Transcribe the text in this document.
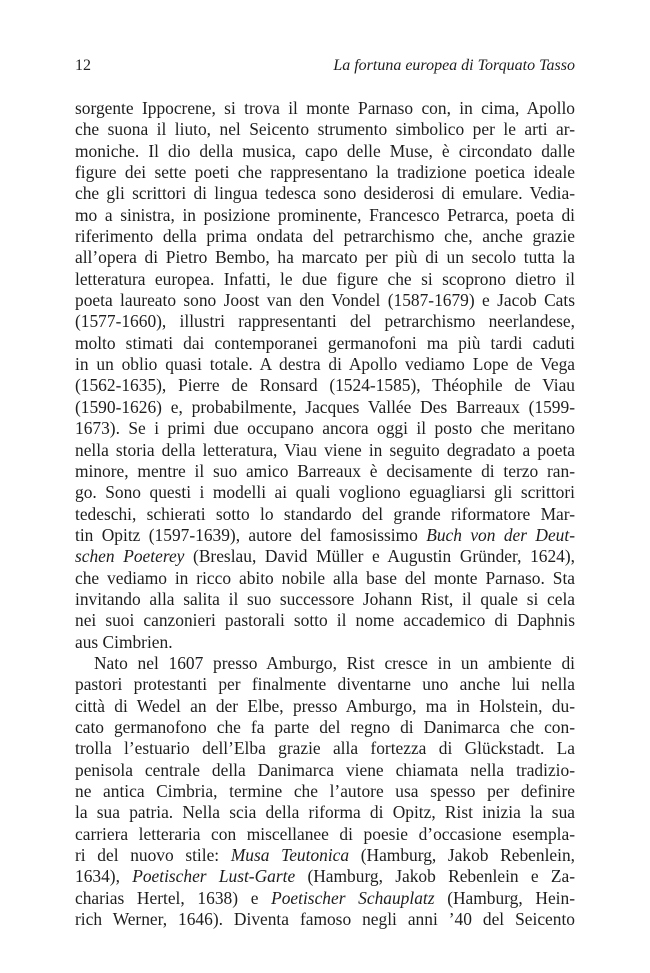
12	La fortuna europea di Torquato Tasso
sorgente Ippocrene, si trova il monte Parnaso con, in cima, Apollo
che suona il liuto, nel Seicento strumento simbolico per le arti ar-
moniche. Il dio della musica, capo delle Muse, è circondato dalle
figure dei sette poeti che rappresentano la tradizione poetica ideale
che gli scrittori di lingua tedesca sono desiderosi di emulare. Vedia-
mo a sinistra, in posizione prominente, Francesco Petrarca, poeta di
riferimento della prima ondata del petrarchismo che, anche grazie
all’opera di Pietro Bembo, ha marcato per più di un secolo tutta la
letteratura europea. Infatti, le due figure che si scoprono dietro il
poeta laureato sono Joost van den Vondel (1587-1679) e Jacob Cats
(1577-1660), illustri rappresentanti del petrarchismo neerlandese,
molto stimati dai contemporanei germanofoni ma più tardi caduti
in un oblio quasi totale. A destra di Apollo vediamo Lope de Vega
(1562-1635), Pierre de Ronsard (1524-1585), Théophile de Viau
(1590-1626) e, probabilmente, Jacques Vallée Des Barreaux (1599-
1673). Se i primi due occupano ancora oggi il posto che meritano
nella storia della letteratura, Viau viene in seguito degradato a poeta
minore, mentre il suo amico Barreaux è decisamente di terzo ran-
go. Sono questi i modelli ai quali vogliono eguagliarsi gli scrittori
tedeschi, schierati sotto lo standardo del grande riformatore Mar-
tin Opitz (1597-1639), autore del famosissimo Buch von der Deut-
schen Poeterey (Breslau, David Müller e Augustin Gründer, 1624),
che vediamo in ricco abito nobile alla base del monte Parnaso. Sta
invitando alla salita il suo successore Johann Rist, il quale si cela
nei suoi canzonieri pastorali sotto il nome accademico di Daphnis
aus Cimbrien.
Nato nel 1607 presso Amburgo, Rist cresce in un ambiente di
pastori protestanti per finalmente diventarne uno anche lui nella
città di Wedel an der Elbe, presso Amburgo, ma in Holstein, du-
cato germanofono che fa parte del regno di Danimarca che con-
trolla l’estuario dell’Elba grazie alla fortezza di Glückstadt. La
penisola centrale della Danimarca viene chiamata nella tradizio-
ne antica Cimbria, termine che l’autore usa spesso per definire
la sua patria. Nella scia della riforma di Opitz, Rist inizia la sua
carriera letteraria con miscellanee di poesie d’occasione esempla-
ri del nuovo stile: Musa Teutonica (Hamburg, Jakob Rebenlein,
1634), Poetischer Lust-Garte (Hamburg, Jakob Rebenlein e Za-
charias Hertel, 1638) e Poetischer Schauplatz (Hamburg, Hein-
rich Werner, 1646). Diventa famoso negli anni ’40 del Seicento
